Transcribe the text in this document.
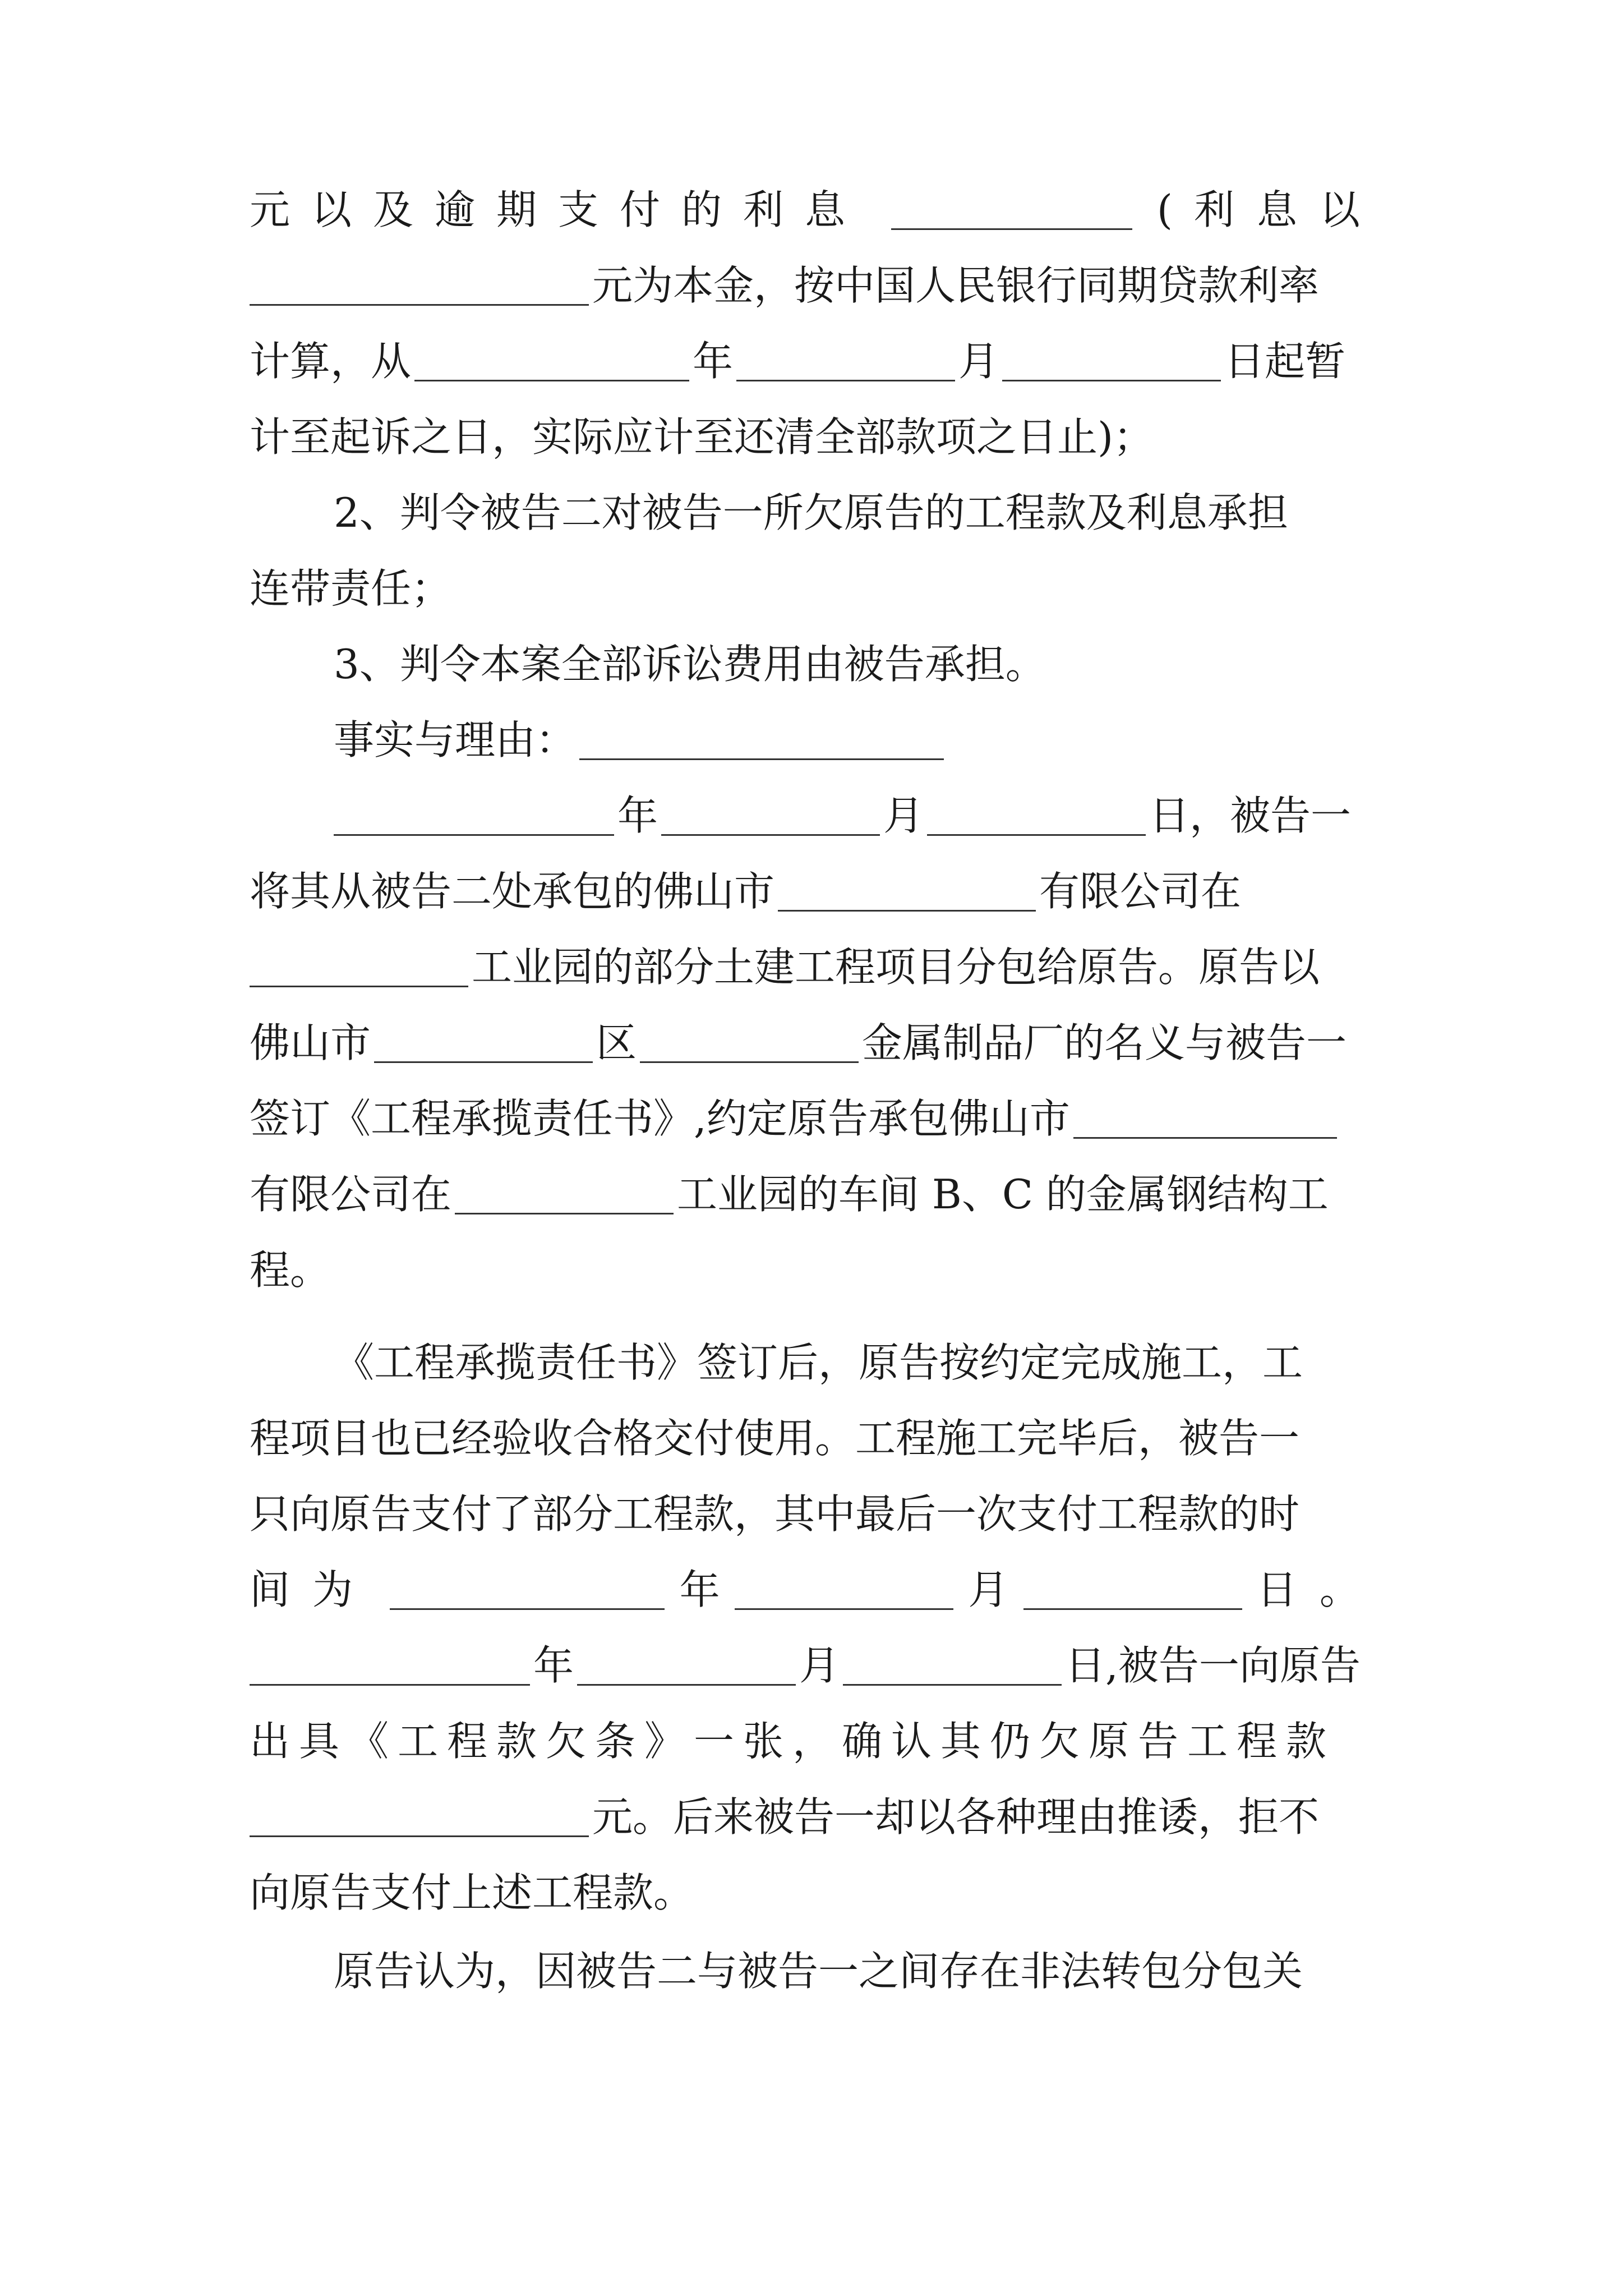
元以及逾期支付的利息	( 利息以
元为本金，按中国人民银行同期贷款利率
计算，从	年	月	日起暂
计至起诉之日，实际应计至还清全部款项之日止)；
2、判令被告二对被告一所欠原告的工程款及利息承担
连带责任；
3、判令本案全部诉讼费用由被告承担。
事实与理由：
年	月	日，被告一
将其从被告二处承包的佛山市	有限公司在
工业园的部分土建工程项目分包给原告。原告以
佛山市	区	金属制品厂的名义与被告一
签订《工程承揽责任书》,约定原告承包佛山市
有限公司在	工业园的车间 B、C 的金属钢结构工
程。
《工程承揽责任书》签订后，原告按约定完成施工，工
程项目也已经验收合格交付使用。工程施工完毕后，被告一
只向原告支付了部分工程款，其中最后一次支付工程款的时
间为	年	月	日。
年	月	日,被告一向原告
出具《工程款欠条》一张，确认其仍欠原告工程款
元。后来被告一却以各种理由推诿，拒不
向原告支付上述工程款。
原告认为，因被告二与被告一之间存在非法转包分包关
